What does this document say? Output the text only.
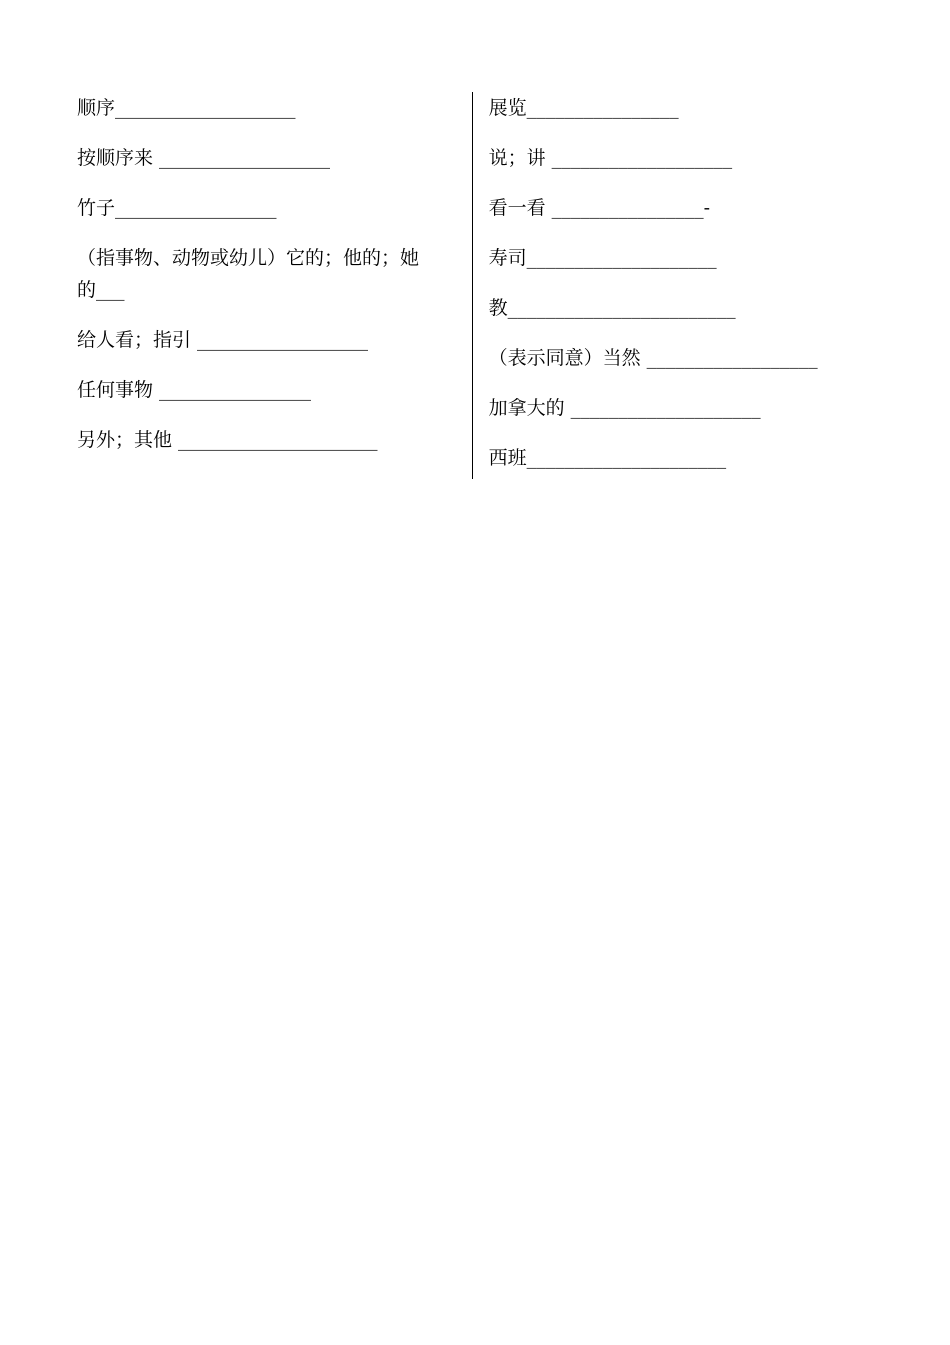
顺序___________________
按顺序来 __________________
竹子_________________
（指事物、动物或幼儿）它的；他的；她的___
给人看；指引 __________________
任何事物 ________________
另外；其他 _____________________
展览________________
说；讲 ___________________
看一看 ________________-
寿司____________________
教________________________
（表示同意）当然 __________________
加拿大的 ____________________
西班_____________________
